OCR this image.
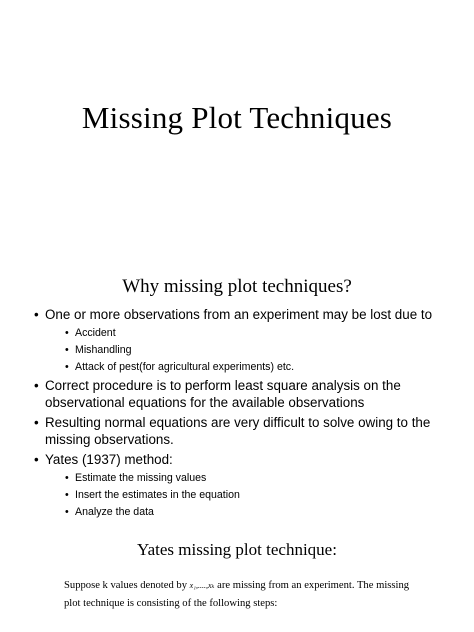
Missing Plot Techniques
Why missing plot techniques?
• One or more observations from an experiment may be lost due to
• Accident
• Mishandling
• Attack of pest(for agricultural experiments) etc.
• Correct procedure is to perform least square analysis on the observational equations for the available observations
• Resulting normal equations are very difficult to solve owing to the missing observations.
• Yates (1937) method:
• Estimate the missing values
• Insert the estimates in the equation
• Analyze the data
Yates missing plot technique:
Suppose k values denoted by x₁,....,xₖ are missing from an experiment. The missing plot technique is consisting of the following steps:
